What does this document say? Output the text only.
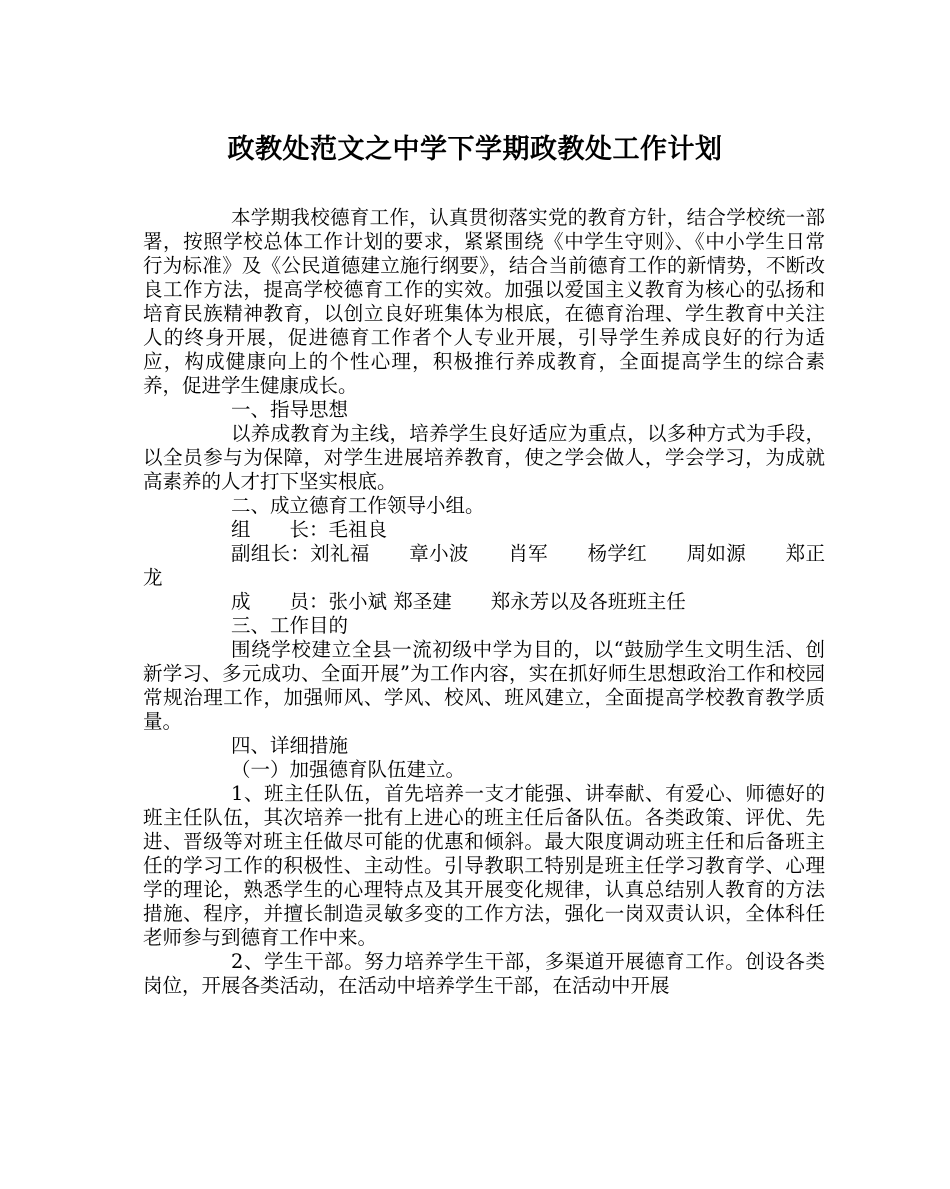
政教处范文之中学下学期政教处工作计划

本学期我校德育工作，认真贯彻落实党的教育方针，结合学校统一部署，按照学校总体工作计划的要求，紧紧围绕《中学生守则》、《中小学生日常行为标准》及《公民道德建立施行纲要》，结合当前德育工作的新情势，不断改良工作方法，提高学校德育工作的实效。加强以爱国主义教育为核心的弘扬和培育民族精神教育，以创立良好班集体为根底，在德育治理、学生教育中关注人的终身开展，促进德育工作者个人专业开展，引导学生养成良好的行为适应，构成健康向上的个性心理，积极推行养成教育，全面提高学生的综合素养，促进学生健康成长。

一、指导思想

以养成教育为主线，培养学生良好适应为重点，以多种方式为手段，以全员参与为保障，对学生进展培养教育，使之学会做人，学会学习，为成就高素养的人才打下坚实根底。

二、成立德育工作领导小组。

组　　长：毛祖良

副组长：刘礼福　　章小波　　肖军　　杨学红　　周如源　　郑正龙

成　　员：张小斌 郑圣建　　郑永芳以及各班班主任

三、工作目的

围绕学校建立全县一流初级中学为目的，以“鼓励学生文明生活、创新学习、多元成功、全面开展”为工作内容，实在抓好师生思想政治工作和校园常规治理工作，加强师风、学风、校风、班风建立，全面提高学校教育教学质量。

四、详细措施

（一）加强德育队伍建立。

1、班主任队伍，首先培养一支才能强、讲奉献、有爱心、师德好的班主任队伍，其次培养一批有上进心的班主任后备队伍。各类政策、评优、先进、晋级等对班主任做尽可能的优惠和倾斜。最大限度调动班主任和后备班主任的学习工作的积极性、主动性。引导教职工特别是班主任学习教育学、心理学的理论，熟悉学生的心理特点及其开展变化规律，认真总结别人教育的方法措施、程序，并擅长制造灵敏多变的工作方法，强化一岗双责认识，全体科任老师参与到德育工作中来。

2、学生干部。努力培养学生干部，多渠道开展德育工作。创设各类岗位，开展各类活动，在活动中培养学生干部，在活动中开展
